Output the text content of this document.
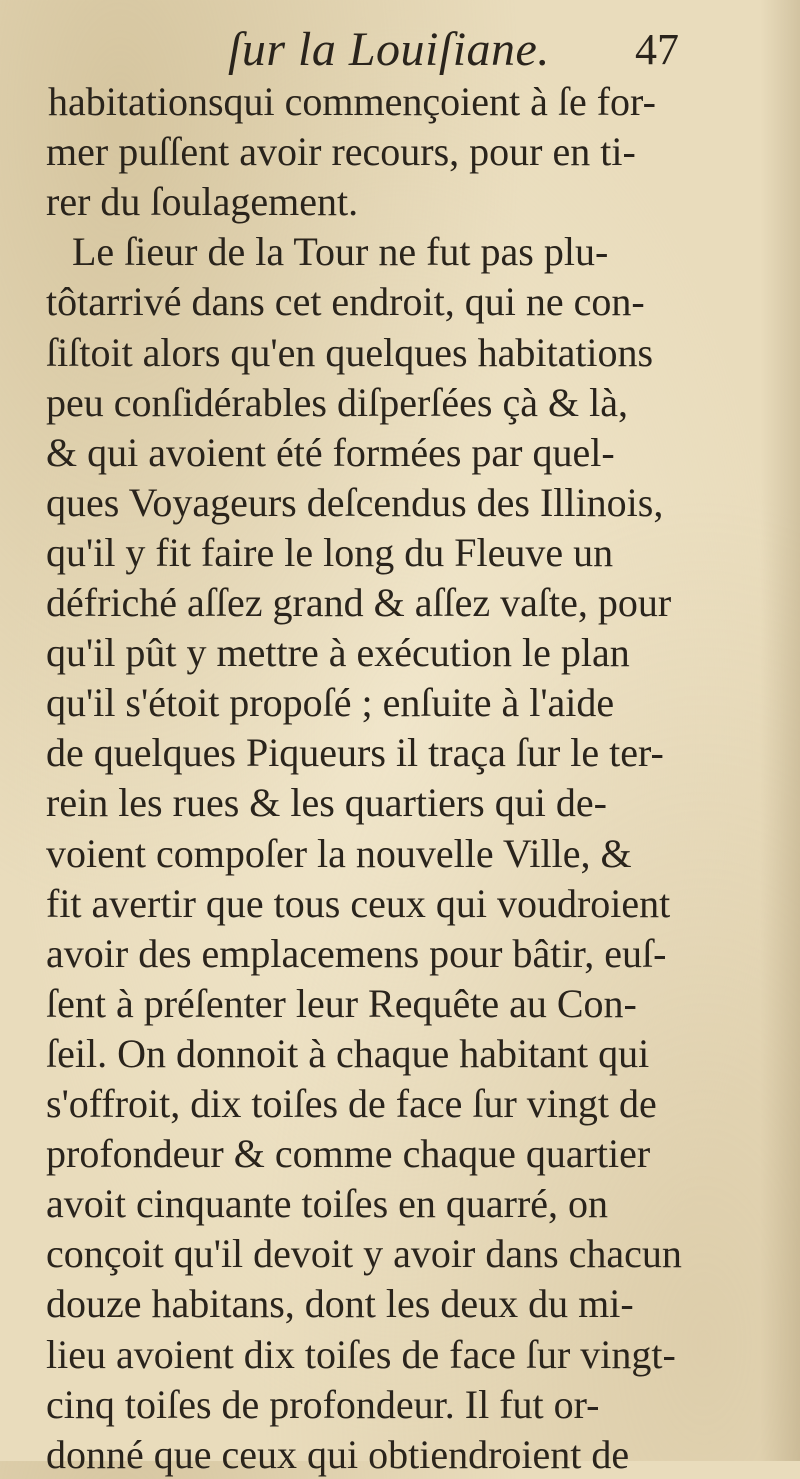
ſur la Louiſiane. 47
habitationsqui commençoient à ſe for-
mer puſſent avoir recours, pour en ti-
rer du ſoulagement.
Le ſieur de la Tour ne fut pas plu-
tôtarrivé dans cet endroit, qui ne con-
ſiſtoit alors qu'en quelques habitations
peu conſidérables diſperſées çà & là,
& qui avoient été formées par quel-
ques Voyageurs deſcendus des Illinois,
qu'il y fit faire le long du Fleuve un
défriché aſſez grand & aſſez vaſte, pour
qu'il pût y mettre à exécution le plan
qu'il s'étoit propoſé ; enſuite à l'aide
de quelques Piqueurs il traça ſur le ter-
rein les rues & les quartiers qui de-
voient compoſer la nouvelle Ville, &
fit avertir que tous ceux qui voudroient
avoir des emplacemens pour bâtir, euſ-
ſent à préſenter leur Requête au Con-
ſeil. On donnoit à chaque habitant qui
s'offroit, dix toiſes de face ſur vingt de
profondeur & comme chaque quartier
avoit cinquante toiſes en quarré, on
conçoit qu'il devoit y avoir dans chacun
douze habitans, dont les deux du mi-
lieu avoient dix toiſes de face ſur vingt-
cinq toiſes de profondeur. Il fut or-
donné que ceux qui obtiendroient de
